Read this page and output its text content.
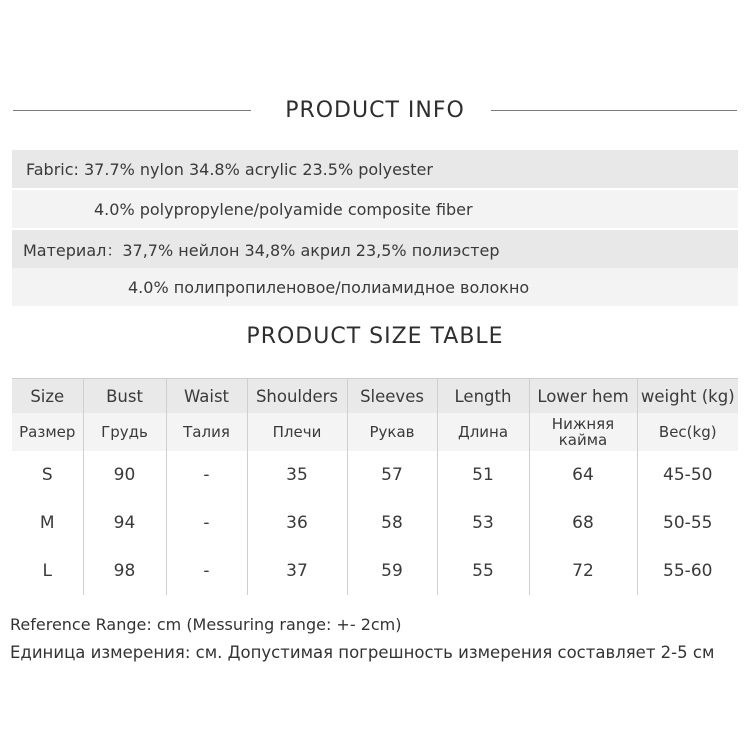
PRODUCT INFO
Fabric: 37.7% nylon 34.8% acrylic 23.5% polyester
4.0% polypropylene/polyamide composite fiber
Материал：37,7% нейлон 34,8% акрил 23,5% полиэстер
4.0% полипропиленовое/полиамидное волокно
PRODUCT SIZE TABLE
Size	Bust	Waist	Shoulders	Sleeves	Length	Lower hem	weight (kg)
Размер	Грудь	Талия	Плечи	Рукав	Длина	Нижняя кайма	Вес(kg)
S	90	-	35	57	51	64	45-50
M	94	-	36	58	53	68	50-55
L	98	-	37	59	55	72	55-60
Reference Range: cm (Messuring range: +- 2cm)
Единица измерения: см. Допустимая погрешность измерения составляет 2-5 см
